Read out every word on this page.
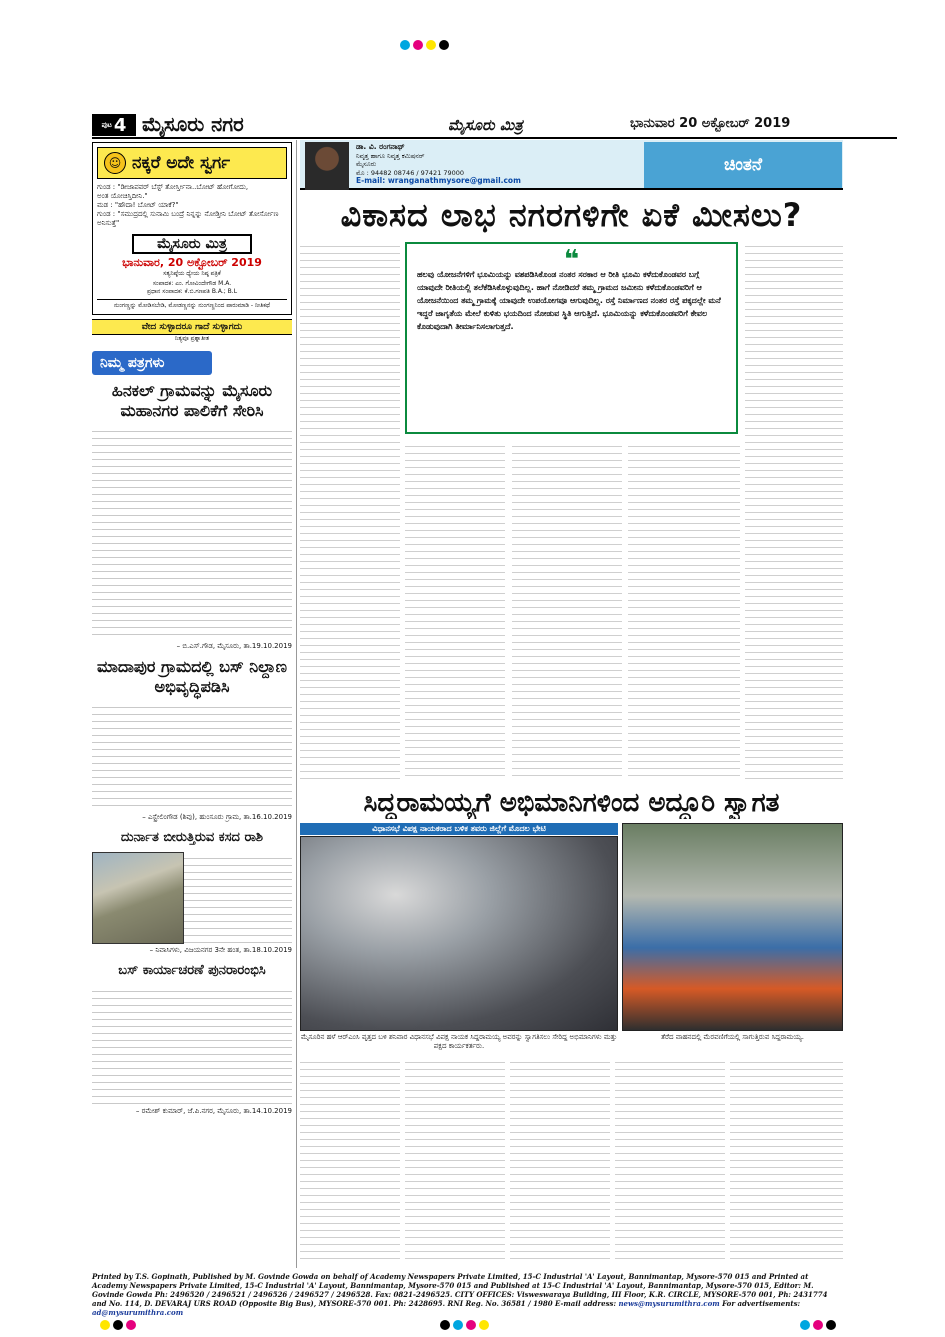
ಪುಟ 4 ಮೈಸೂರು ನಗರ	ಮೈಸೂರು ಮಿತ್ರ	ಭಾನುವಾರ 20 ಅಕ್ಟೋಬರ್ 2019
☺ ನಕ್ಕರೆ ಅದೇ ಸ್ವರ್ಗ
ಗುಂಡ : "ಡೀಜಾಪವರ್ ಬೆಸ್ಟ್ ತೋರ್ಸ್ತೀನಾ..ಬೋಟ್ ಹೋಗೋದು,
ಅಂತ ಯೋಚಿಸ್ತಿದೀನಿ."
ಮಡ : "ಹೌದಾ! ಬೋಟ್ ಯಾಕೆ?"
ಗುಂಡ : "ಸಮುದ್ರದಲ್ಲಿ ಸುನಾಮಿ ಬಂದ್ರೆ ನಿನ್ನನ್ನು ನೋಡ್ತೀನಿ ಬೋಟ್ ತೋರ್ಸೋಣ ಅನಿಸುತ್ತೆ"
ಮೈಸೂರು ಮಿತ್ರ
ಭಾನುವಾರ, 20 ಅಕ್ಟೋಬರ್ 2019
ಸತ್ಯನಿಷ್ಠೆಯ ಧ್ಯೇಯ ನಿಷ್ಠ ಪತ್ರಿಕೆ
ಸಂಪಾದಕ: ಎಂ. ಗೋವಿಂದೇಗೌಡ M.A.
ಪ್ರಧಾನ ಸಂಪಾದಕ: ಕೆ.ಬಿ.ಗಣಪತಿ B.A.; B.L
ನುಂಗಣ್ಣನ್ನು ಮೋಡಿಸಬೇಡಿ, ಮೋಡಣ್ಣನನ್ನು ನುಂಗಣ್ಣನಿಂದ ಪಾರುಮಾಡಿ - ನೀತಿಕಥೆ
ವೇದ ಸುಳ್ಳಾದರೂ ಗಾದೆ ಸುಳ್ಳಾಗದು
ನಿತ್ಯವೂ ಪ್ರಶ್ನಾತೀತ
ನಿಮ್ಮ ಪತ್ರಗಳು
ಹಿನಕಲ್ ಗ್ರಾಮವನ್ನು ಮೈಸೂರು ಮಹಾನಗರ ಪಾಲಿಕೆಗೆ ಸೇರಿಸಿ
– ಬಿ.ಎಸ್.ಗೌಡ, ಮೈಸೂರು, ತಾ.19.10.2019
ಮಾದಾಪುರ ಗ್ರಾಮದಲ್ಲಿ ಬಸ್ ನಿಲ್ದಾಣ ಅಭಿವೃದ್ಧಿಪಡಿಸಿ
– ಎಸ್ಟ್ರೇಲಿಂಗೌಡ (ಶಿವು), ಹುಂಸೂರು ಗ್ರಾಮ, ತಾ.16.10.2019
ದುರ್ನಾತ ಬೀರುತ್ತಿರುವ ಕಸದ ರಾಶಿ
– ನಿವಾಸಿಗಳು, ವಿಜಯನಗರ 3ನೇ ಹಂತ, ತಾ.18.10.2019
ಬಸ್ ಕಾರ್ಯಾಚರಣೆ ಪುನರಾರಂಭಿಸಿ
– ರಮೇಶ್ ಕುಮಾರ್, ಜೆ.ಪಿ.ನಗರ, ಮೈಸೂರು, ತಾ.14.10.2019
ಡಾ. ವಿ. ರಂಗನಾಥ್
ನಿವೃತ್ತ ಹಾಗೂ ನಿವೃತ್ತ ಕಮಿಷನರ್
ಮೈಸೂರು
ಮೊ : 94482 08746 / 97421 79000
E-mail: wranganathmysore@gmail.com
ಚಿಂತನೆ
ವಿಕಾಸದ ಲಾಭ ನಗರಗಳಿಗೇ ಏಕೆ ಮೀಸಲು?
❝
ಹಲವು ಯೋಜನೆಗಳಿಗೆ ಭೂಮಿಯನ್ನು ವಶಪಡಿಸಿಕೊಂಡ ನಂತರ ಸರಕಾರ ಆ ರೀತಿ ಭೂಮಿ ಕಳೆದುಕೊಂಡವರ ಬಗ್ಗೆ ಯಾವುದೇ ರೀತಿಯಲ್ಲಿ ತಲೆಕೆಡಿಸಿಕೊಳ್ಳುವುದಿಲ್ಲ. ಹಾಗೆ ನೋಡಿದರೆ ತಮ್ಮ ಗ್ರಾಮದ ಜಮೀನು ಕಳೆದುಕೊಂಡವರಿಗೆ ಆ ಯೋಜನೆಯಿಂದ ತಮ್ಮ ಗ್ರಾಮಕ್ಕೆ ಯಾವುದೇ ಉಪಯೋಗವೂ ಆಗುವುದಿಲ್ಲ. ರಸ್ತೆ ನಿರ್ಮಾಣದ ನಂತರ ರಸ್ತೆ ಪಕ್ಕದಲ್ಲೇ ಮನೆ ಇದ್ದರೆ ಜಾಗೃತೆಯ ಮೇಲೆ ಕುಳಿತು ಭಯದಿಂದ ನೋಡುವ ಸ್ಥಿತಿ ಆಗುತ್ತಿದೆ. ಭೂಮಿಯನ್ನು ಕಳೆದುಕೊಂಡವರಿಗೆ ಕೇವಲ ಕೊಡುವುದಾಗಿ ತೀರ್ಮಾನಿಸಲಾಗುತ್ತದೆ.
ಸಿದ್ದರಾಮಯ್ಯಗೆ ಅಭಿಮಾನಿಗಳಿಂದ ಅದ್ದೂರಿ ಸ್ವಾಗತ
ವಿಧಾನಸಭೆ ವಿಪಕ್ಷ ನಾಯಕರಾದ ಬಳಿಕ ತವರು ಜಿಲ್ಲೆಗೆ ಮೊದಲ ಭೇಟಿ
ಮೈಸೂರಿನ ಹಳೆ ಆರ್‌ಎಂಸಿ ವೃತ್ತದ ಬಳಿ ಶನಿವಾರ ವಿಧಾನಸಭೆ ವಿಪಕ್ಷ ನಾಯಕ ಸಿದ್ದರಾಮಯ್ಯ ಅವರನ್ನು ಸ್ವಾಗತಿಸಲು ಸೇರಿದ್ದ ಅಭಿಮಾನಿಗಳು ಮತ್ತು ಪಕ್ಷದ ಕಾರ್ಯಕರ್ತರು.
ತೆರೆದ ವಾಹನದಲ್ಲಿ ಮೆರವಣಿಗೆಯಲ್ಲಿ ಸಾಗುತ್ತಿರುವ ಸಿದ್ದರಾಮಯ್ಯ.
Printed by T.S. Gopinath, Published by M. Govinde Gowda on behalf of Academy Newspapers Private Limited, 15-C Industrial 'A' Layout, Bannimantap, Mysore-570 015 and Printed at Academy Newspapers Private Limited, 15-C Industrial 'A' Layout, Bannimantap, Mysore-570 015 and Published at 15-C Industrial 'A' Layout, Bannimantap, Mysore-570 015, Editor: M. Govinde Gowda Ph: 2496520 / 2496521 / 2496526 / 2496527 / 2496528. Fax: 0821-2496525. CITY OFFICES: Visweswaraya Building, III Floor, K.R. CIRCLE, MYSORE-570 001, Ph: 2431774 and No. 114, D. DEVARAJ URS ROAD (Opposite Big Bus), MYSORE-570 001. Ph: 2428695. RNI Reg. No. 36581 / 1980 E-mail address: news@mysurumithra.com For advertisements: ad@mysurumithra.com
